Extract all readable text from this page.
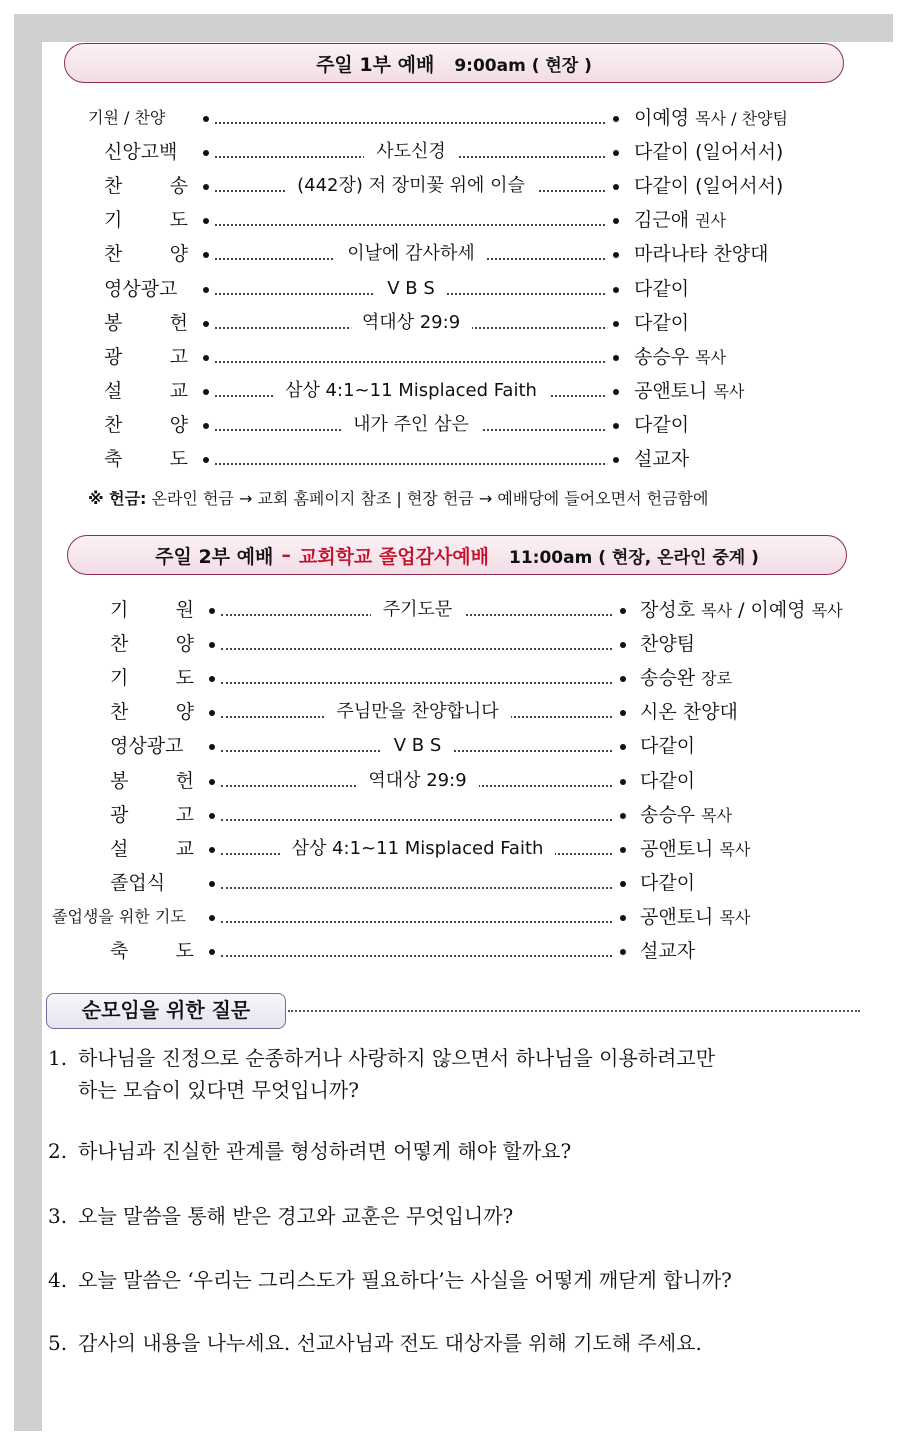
주일 1부 예배 9:00am ( 현장 )
기원 / 찬양	이예영 목사 / 찬양팀
신앙고백	사도신경	다같이 (일어서서)
찬 송	(442장) 저 장미꽃 위에 이슬	다같이 (일어서서)
기 도	김근애 권사
찬 양	이날에 감사하세	마라나타 찬양대
영상광고	V B S	다같이
봉 헌	역대상 29:9	다같이
광 고	송승우 목사
설 교	삼상 4:1~11 Misplaced Faith	공앤토니 목사
찬 양	내가 주인 삼은	다같이
축 도	설교자
※ 헌금: 온라인 헌금 → 교회 홈페이지 참조 | 현장 헌금 → 예배당에 들어오면서 헌금함에
주일 2부 예배 – 교회학교 졸업감사예배 11:00am ( 현장, 온라인 중계 )
기 원	주기도문	장성호 목사 / 이예영 목사
찬 양	찬양팀
기 도	송승완 장로
찬 양	주님만을 찬양합니다	시온 찬양대
영상광고	V B S	다같이
봉 헌	역대상 29:9	다같이
광 고	송승우 목사
설 교	삼상 4:1~11 Misplaced Faith	공앤토니 목사
졸업식	다같이
졸업생을 위한 기도	공앤토니 목사
축 도	설교자
순모임을 위한 질문
1. 하나님을 진정으로 순종하거나 사랑하지 않으면서 하나님을 이용하려고만
하는 모습이 있다면 무엇입니까?
2. 하나님과 진실한 관계를 형성하려면 어떻게 해야 할까요?
3. 오늘 말씀을 통해 받은 경고와 교훈은 무엇입니까?
4. 오늘 말씀은 ‘우리는 그리스도가 필요하다’는 사실을 어떻게 깨닫게 합니까?
5. 감사의 내용을 나누세요. 선교사님과 전도 대상자를 위해 기도해 주세요.
